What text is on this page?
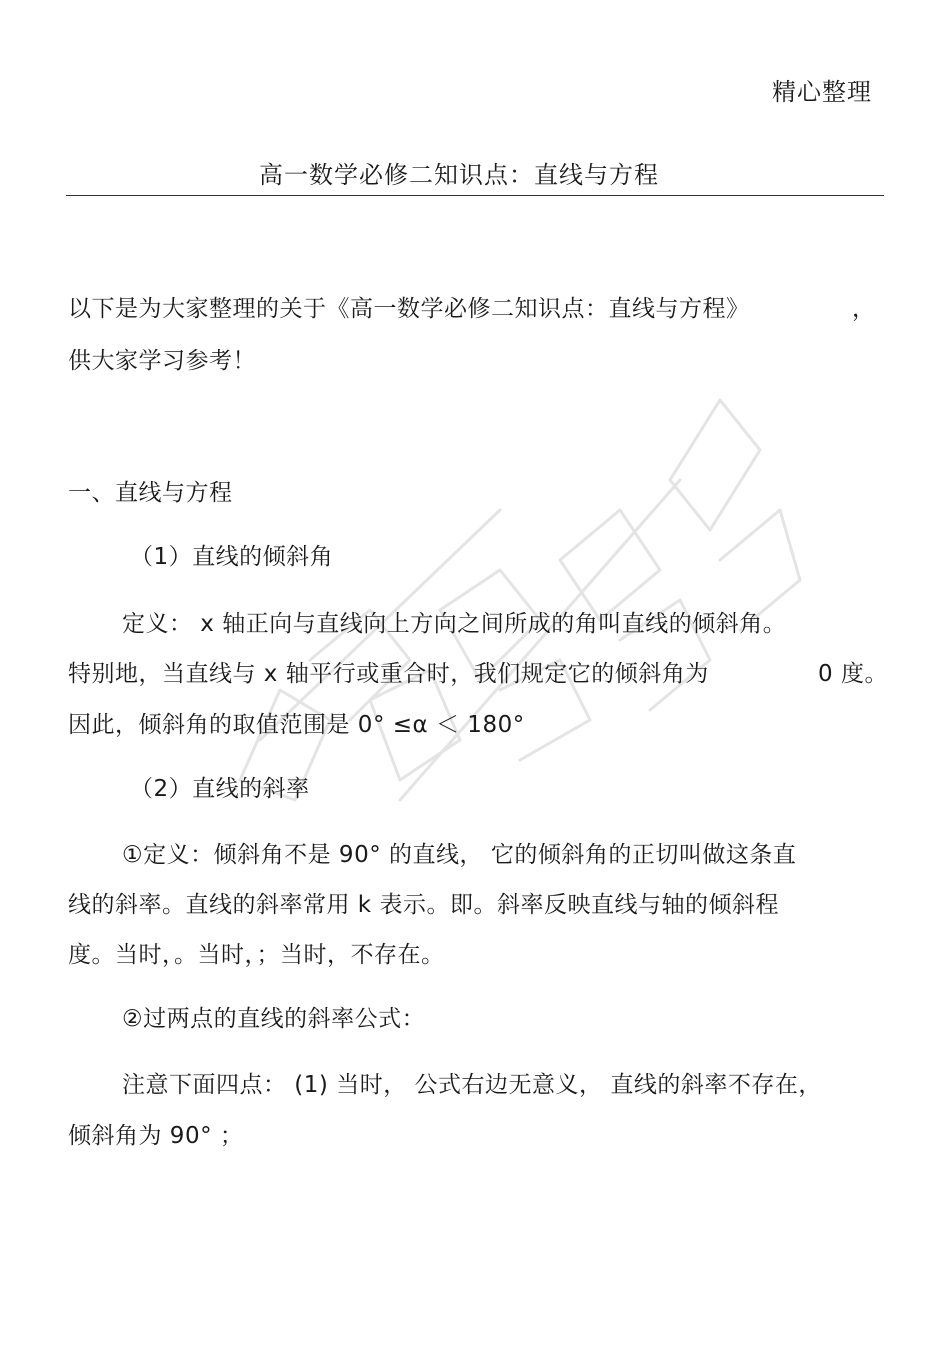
精心整理
高一数学必修二知识点：直线与方程
以下是为大家整理的关于《高一数学必修二知识点：直线与方程》	，
供大家学习参考！
一、直线与方程
（1）直线的倾斜角
定义： x 轴正向与直线向上方向之间所成的角叫直线的倾斜角。
特别地，当直线与 x 轴平行或重合时，我们规定它的倾斜角为	0 度。
因此，倾斜角的取值范围是 0° ≤α ＜ 180°
（2）直线的斜率
①定义：倾斜角不是 90° 的直线， 它的倾斜角的正切叫做这条直
线的斜率。直线的斜率常用 k 表示。即。斜率反映直线与轴的倾斜程
度。当时，。当时，；当时，不存在。
②过两点的直线的斜率公式：
注意下面四点： (1) 当时， 公式右边无意义， 直线的斜率不存在，
倾斜角为 90° ；
